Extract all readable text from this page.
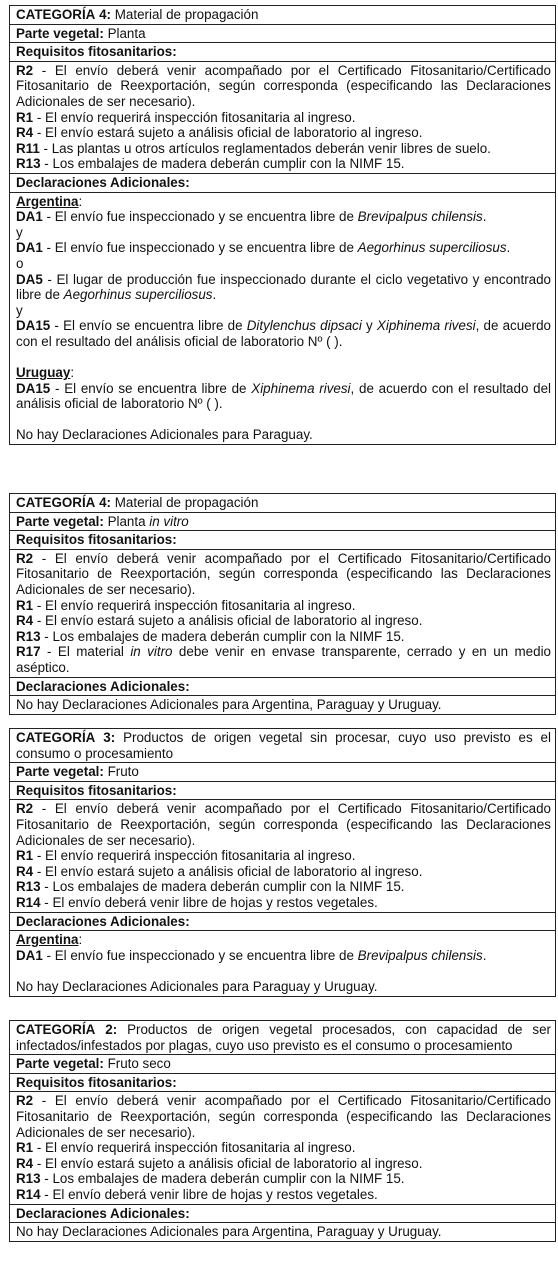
CATEGORÍA 4: Material de propagación
Parte vegetal: Planta
Requisitos fitosanitarios:

R2 - El envío deberá venir acompañado por el Certificado Fitosanitario/Certificado Fitosanitario de Reexportación, según corresponda (especificando las Declaraciones Adicionales de ser necesario).
R1 - El envío requerirá inspección fitosanitaria al ingreso.
R4 - El envío estará sujeto a análisis oficial de laboratorio al ingreso.
R11 - Las plantas u otros artículos reglamentados deberán venir libres de suelo.
R13 - Los embalajes de madera deberán cumplir con la NIMF 15.

Declaraciones Adicionales:

Argentina:
DA1 - El envío fue inspeccionado y se encuentra libre de Brevipalpus chilensis.
y
DA1 - El envío fue inspeccionado y se encuentra libre de Aegorhinus superciliosus.
o
DA5 - El lugar de producción fue inspeccionado durante el ciclo vegetativo y encontrado libre de Aegorhinus superciliosus.
y
DA15 - El envío se encuentra libre de Ditylenchus dipsaci y Xiphinema rivesi, de acuerdo con el resultado del análisis oficial de laboratorio Nº ( ).
Uruguay:
DA15 - El envío se encuentra libre de Xiphinema rivesi, de acuerdo con el resultado del análisis oficial de laboratorio Nº ( ).
No hay Declaraciones Adicionales para Paraguay.
CATEGORÍA 4: Material de propagación
Parte vegetal: Planta in vitro
Requisitos fitosanitarios:

R2 - El envío deberá venir acompañado por el Certificado Fitosanitario/Certificado Fitosanitario de Reexportación, según corresponda (especificando las Declaraciones Adicionales de ser necesario).
R1 - El envío requerirá inspección fitosanitaria al ingreso.
R4 - El envío estará sujeto a análisis oficial de laboratorio al ingreso.
R13 - Los embalajes de madera deberán cumplir con la NIMF 15.
R17 - El material in vitro debe venir en envase transparente, cerrado y en un medio aséptico.

Declaraciones Adicionales:

No hay Declaraciones Adicionales para Argentina, Paraguay y Uruguay.
CATEGORÍA 3: Productos de origen vegetal sin procesar, cuyo uso previsto es el consumo o procesamiento
Parte vegetal: Fruto
Requisitos fitosanitarios:

R2 - El envío deberá venir acompañado por el Certificado Fitosanitario/Certificado Fitosanitario de Reexportación, según corresponda (especificando las Declaraciones Adicionales de ser necesario).
R1 - El envío requerirá inspección fitosanitaria al ingreso.
R4 - El envío estará sujeto a análisis oficial de laboratorio al ingreso.
R13 - Los embalajes de madera deberán cumplir con la NIMF 15.
R14 - El envío deberá venir libre de hojas y restos vegetales.

Declaraciones Adicionales:

Argentina:
DA1 - El envío fue inspeccionado y se encuentra libre de Brevipalpus chilensis.
No hay Declaraciones Adicionales para Paraguay y Uruguay.
CATEGORÍA 2: Productos de origen vegetal procesados, con capacidad de ser infectados/infestados por plagas, cuyo uso previsto es el consumo o procesamiento
Parte vegetal: Fruto seco
Requisitos fitosanitarios:

R2 - El envío deberá venir acompañado por el Certificado Fitosanitario/Certificado Fitosanitario de Reexportación, según corresponda (especificando las Declaraciones Adicionales de ser necesario).
R1 - El envío requerirá inspección fitosanitaria al ingreso.
R4 - El envío estará sujeto a análisis oficial de laboratorio al ingreso.
R13 - Los embalajes de madera deberán cumplir con la NIMF 15.
R14 - El envío deberá venir libre de hojas y restos vegetales.

Declaraciones Adicionales:

No hay Declaraciones Adicionales para Argentina, Paraguay y Uruguay.
